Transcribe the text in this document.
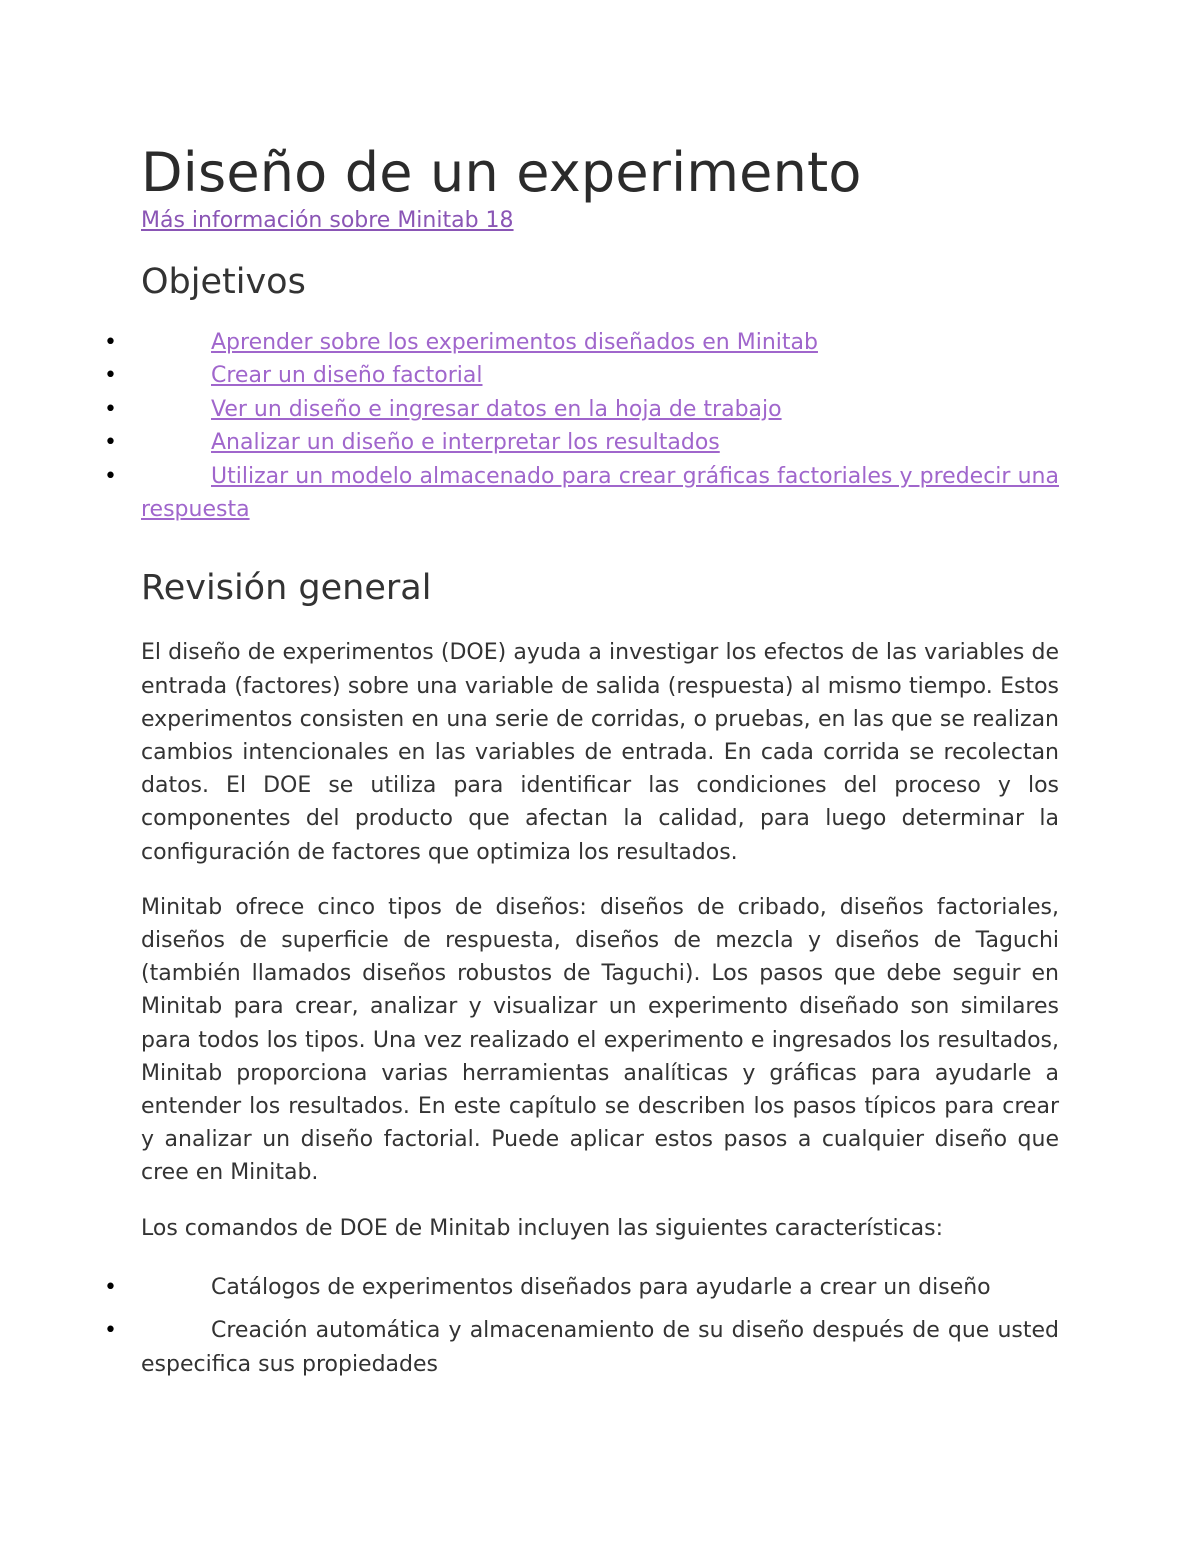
Diseño de un experimento
Más información sobre Minitab 18
Objetivos
•	Aprender sobre los experimentos diseñados en Minitab
•	Crear un diseño factorial
•	Ver un diseño e ingresar datos en la hoja de trabajo
•	Analizar un diseño e interpretar los resultados
•	Utilizar un modelo almacenado para crear gráficas factoriales y predecir una respuesta
Revisión general

El diseño de experimentos (DOE) ayuda a investigar los efectos de las variables de entrada (factores) sobre una variable de salida (respuesta) al mismo tiempo. Estos experimentos consisten en una serie de corridas, o pruebas, en las que se realizan cambios intencionales en las variables de entrada. En cada corrida se recolectan datos. El DOE se utiliza para identificar las condiciones del proceso y los componentes del producto que afectan la calidad, para luego determinar la configuración de factores que optimiza los resultados.

Minitab ofrece cinco tipos de diseños: diseños de cribado, diseños factoriales, diseños de superficie de respuesta, diseños de mezcla y diseños de Taguchi (también llamados diseños robustos de Taguchi). Los pasos que debe seguir en Minitab para crear, analizar y visualizar un experimento diseñado son similares para todos los tipos. Una vez realizado el experimento e ingresados los resultados, Minitab proporciona varias herramientas analíticas y gráficas para ayudarle a entender los resultados. En este capítulo se describen los pasos típicos para crear y analizar un diseño factorial. Puede aplicar estos pasos a cualquier diseño que cree en Minitab.

Los comandos de DOE de Minitab incluyen las siguientes características:

•	Catálogos de experimentos diseñados para ayudarle a crear un diseño
•	Creación automática y almacenamiento de su diseño después de que usted especifica sus propiedades
